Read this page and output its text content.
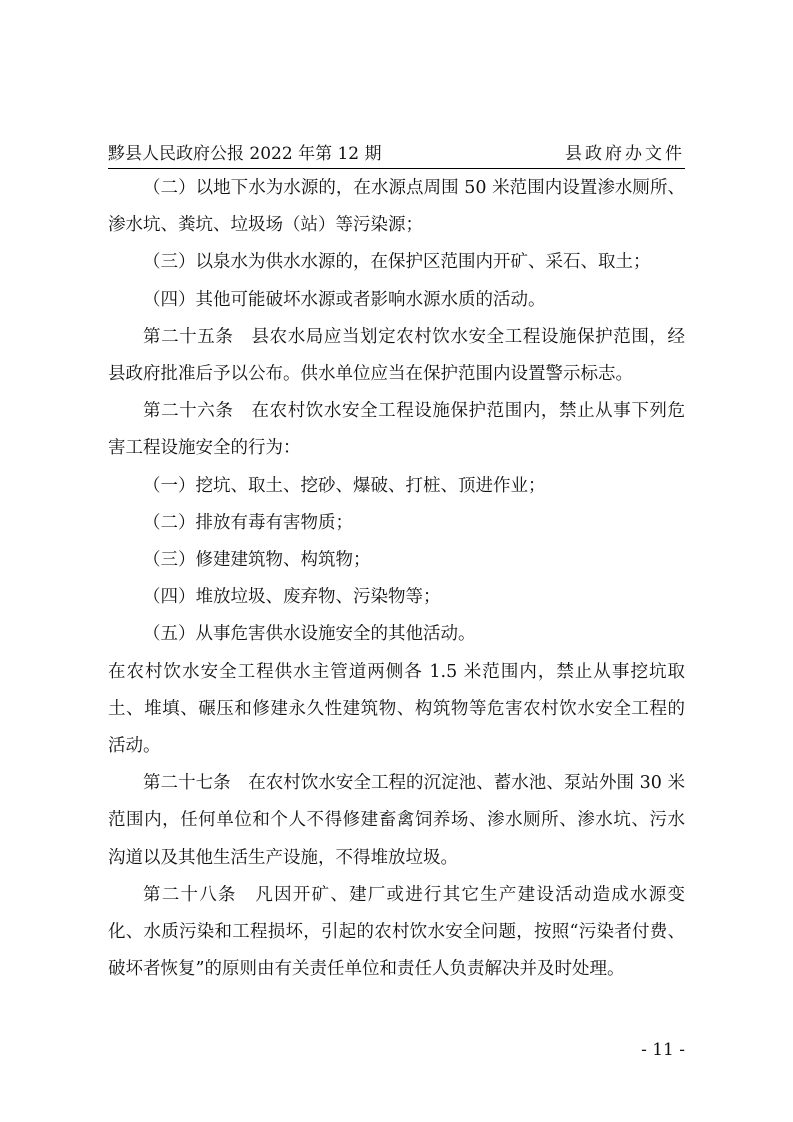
黟县人民政府公报 2022 年第 12 期	县政府办文件

（二）以地下水为水源的，在水源点周围 50 米范围内设置渗水厕所、渗水坑、粪坑、垃圾场（站）等污染源；

（三）以泉水为供水水源的，在保护区范围内开矿、采石、取土；

（四）其他可能破坏水源或者影响水源水质的活动。

第二十五条 县农水局应当划定农村饮水安全工程设施保护范围，经县政府批准后予以公布。供水单位应当在保护范围内设置警示标志。

第二十六条 在农村饮水安全工程设施保护范围内，禁止从事下列危害工程设施安全的行为：

（一）挖坑、取土、挖砂、爆破、打桩、顶进作业；

（二）排放有毒有害物质；

（三）修建建筑物、构筑物；

（四）堆放垃圾、废弃物、污染物等；

（五）从事危害供水设施安全的其他活动。

在农村饮水安全工程供水主管道两侧各 1.5 米范围内，禁止从事挖坑取土、堆填、碾压和修建永久性建筑物、构筑物等危害农村饮水安全工程的活动。

第二十七条 在农村饮水安全工程的沉淀池、蓄水池、泵站外围 30 米范围内，任何单位和个人不得修建畜禽饲养场、渗水厕所、渗水坑、污水沟道以及其他生活生产设施，不得堆放垃圾。

第二十八条 凡因开矿、建厂或进行其它生产建设活动造成水源变化、水质污染和工程损坏，引起的农村饮水安全问题，按照“污染者付费、破坏者恢复”的原则由有关责任单位和责任人负责解决并及时处理。

- 11 -
